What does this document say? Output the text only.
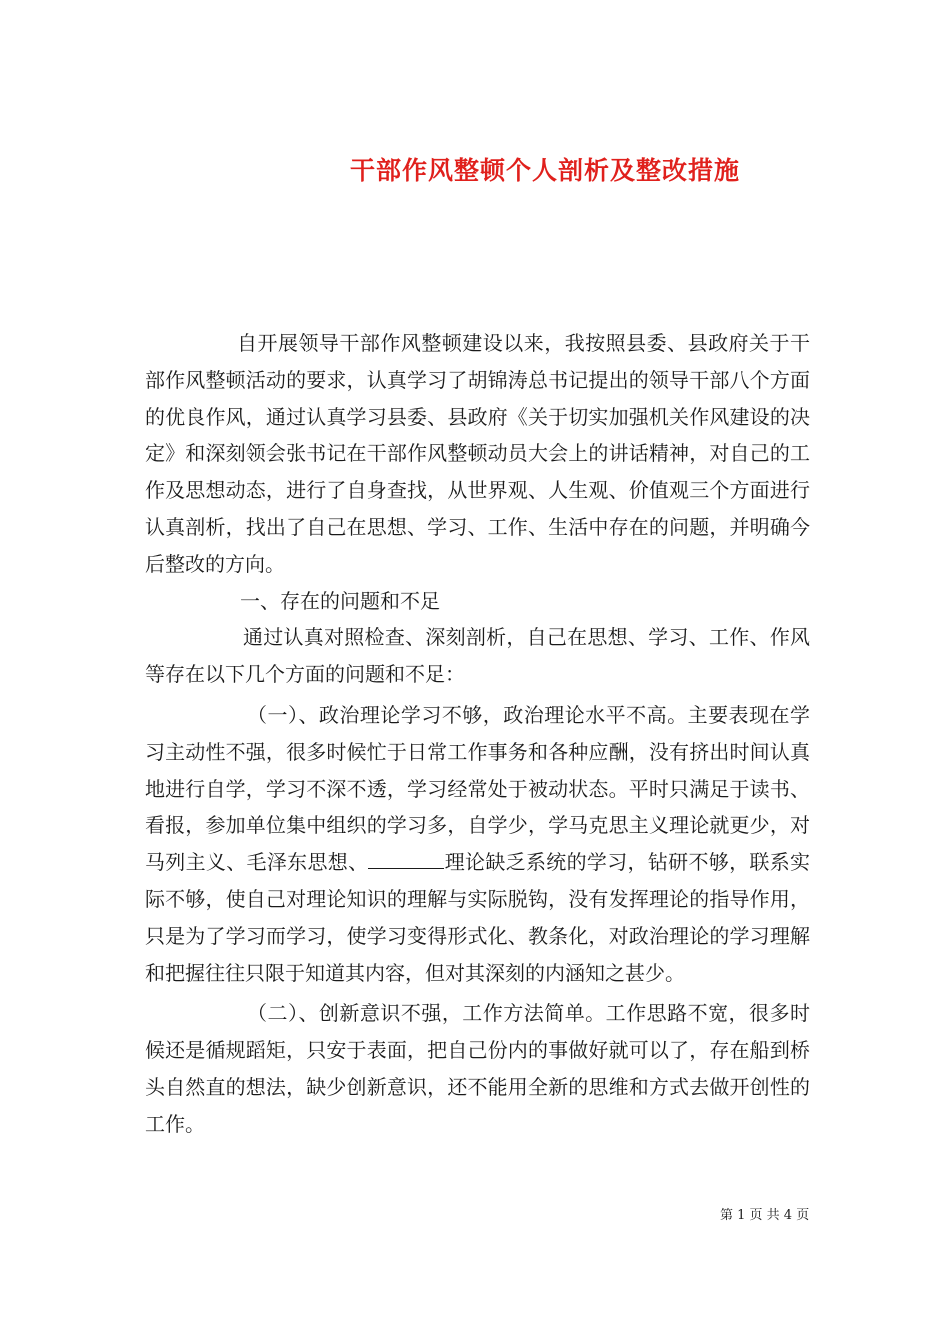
干部作风整顿个人剖析及整改措施

自开展领导干部作风整顿建设以来，我按照县委、县政府关于干部作风整顿活动的要求，认真学习了胡锦涛总书记提出的领导干部八个方面的优良作风，通过认真学习县委、县政府《关于切实加强机关作风建设的决定》和深刻领会张书记在干部作风整顿动员大会上的讲话精神，对自己的工作及思想动态，进行了自身查找，从世界观、人生观、价值观三个方面进行认真剖析，找出了自己在思想、学习、工作、生活中存在的问题，并明确今后整改的方向。

一、存在的问题和不足

通过认真对照检查、深刻剖析，自己在思想、学习、工作、作风等存在以下几个方面的问题和不足：

（一）、政治理论学习不够，政治理论水平不高。主要表现在学习主动性不强，很多时候忙于日常工作事务和各种应酬，没有挤出时间认真地进行自学，学习不深不透，学习经常处于被动状态。平时只满足于读书、看报，参加单位集中组织的学习多，自学少，学马克思主义理论就更少，对马列主义、毛泽东思想、	理论缺乏系统的学习，钻研不够，联系实际不够，使自己对理论知识的理解与实际脱钩，没有发挥理论的指导作用，只是为了学习而学习，使学习变得形式化、教条化，对政治理论的学习理解和把握往往只限于知道其内容，但对其深刻的内涵知之甚少。

（二）、创新意识不强，工作方法简单。工作思路不宽，很多时候还是循规蹈矩，只安于表面，把自己份内的事做好就可以了，存在船到桥头自然直的想法，缺少创新意识，还不能用全新的思维和方式去做开创性的工作。

第 1 页 共 4 页
